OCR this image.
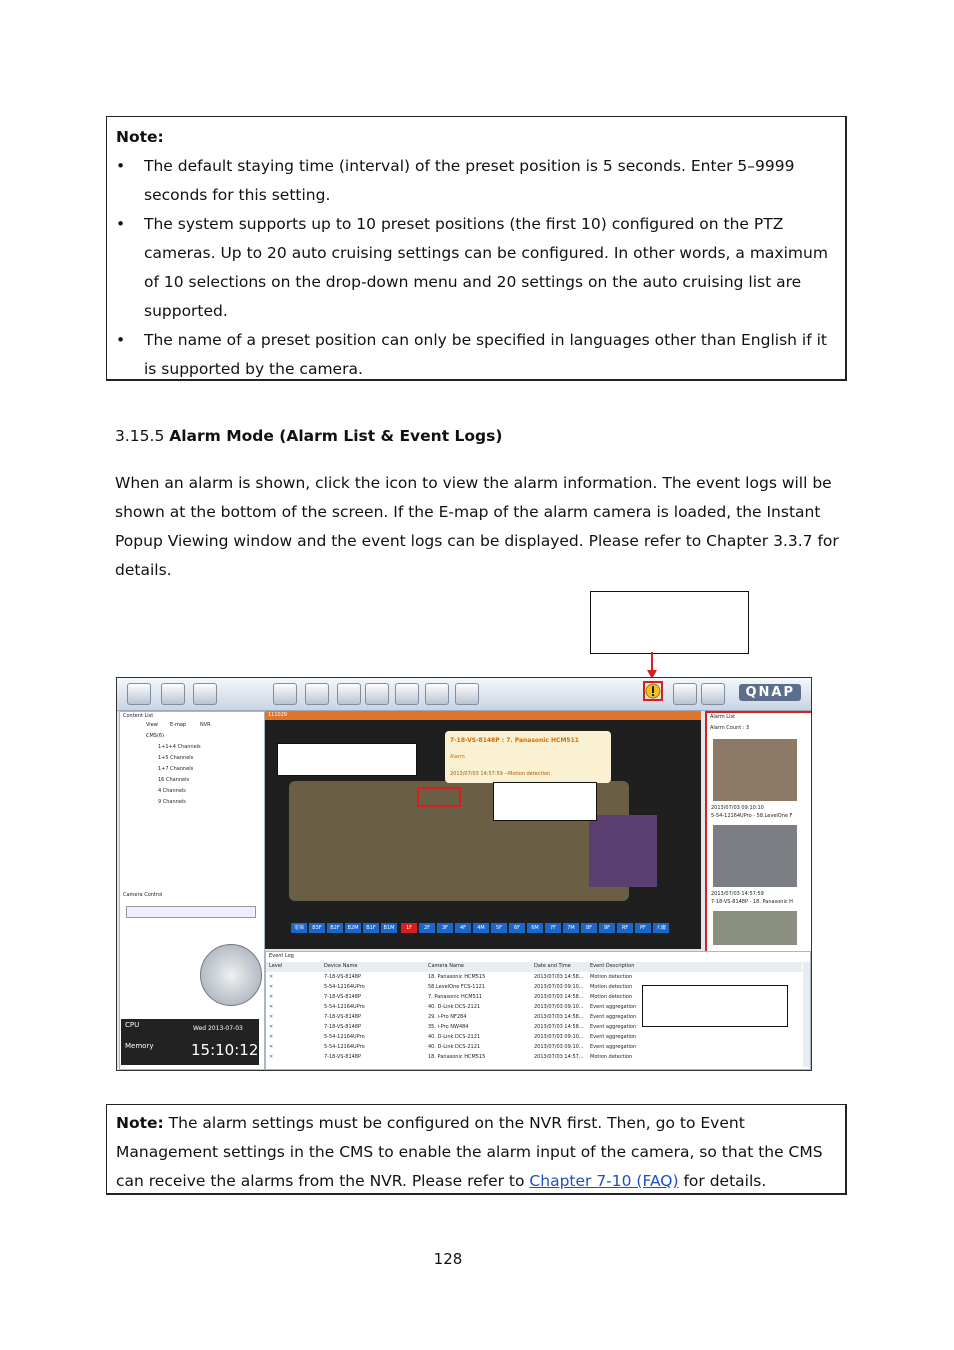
Note:
• The default staying time (interval) of the preset position is 5 seconds. Enter 5–9999 seconds for this setting.
• The system supports up to 10 preset positions (the first 10) configured on the PTZ cameras. Up to 20 auto cruising settings can be configured. In other words, a maximum of 10 selections on the drop-down menu and 20 settings on the auto cruising list are supported.
• The name of a preset position can only be specified in languages other than English if it is supported by the camera.
3.15.5 Alarm Mode (Alarm List & Event Logs)
When an alarm is shown, click the icon to view the alarm information. The event logs will be shown at the bottom of the screen. If the E-map of the alarm camera is loaded, the Instant Popup Viewing window and the event logs can be displayed. Please refer to Chapter 3.3.7 for details.
QNAP
Content List
View E-map	NVR
CMS(6)
1+1+4 Channels
1+5 Channels
1+7 Channels
16 Channels
4 Channels
9 Channels
Camera Control
111029
7-18-VS-8148P : 7. Panasonic HCM511
Alarm
2013/07/03 14:57:59 --Motion detection
電梯	B3F	B2F	B2M	B1F	B1M	1F	2F	3F	4F	4M	5F	6F	6M	7F	7M	8F	9F	RF	PF	大廳
Alarm List
Alarm Count : 3
2013/07/03 09:10:10
5-54-12164UPro - 58.LevelOne F
2013/07/03 14:57:59
7-18-VS-8148P - 18. Panasonic H
Event Log
Level	Device Name	Camera Name	Date and Time	Event Description
✕	7-18-VS-8148P	18. Panasonic HCM515	2013/07/03 14:58... Motion detection
✕	5-54-12164UPro	58.LevelOne FCS-1121	2013/07/03 09:10... Motion detection
✕	7-18-VS-8148P	7. Panasonic HCM511	2013/07/03 14:58... Motion detection
✕	5-54-12164UPro	40. D-Link DCS-2121	2013/07/03 09:10... Event aggregation
✕	7-18-VS-8148P	29. i-Pro NF284	2013/07/03 14:58... Event aggregation
✕	7-18-VS-8148P	35. i-Pro NW484	2013/07/03 14:58... Event aggregation
✕	5-54-12164UPro	40. D-Link DCS-2121	2013/07/03 09:10... Event aggregation
✕	5-54-12164UPro	40. D-Link DCS-2121	2013/07/03 09:10... Event aggregation
✕	7-18-VS-8148P	18. Panasonic HCM515	2013/07/03 14:57... Motion detection
CPU
Memory
Wed 2013-07-03
15:10:12
Note: The alarm settings must be configured on the NVR first. Then, go to Event Management settings in the CMS to enable the alarm input of the camera, so that the CMS can receive the alarms from the NVR. Please refer to Chapter 7-10 (FAQ) for details.
128
